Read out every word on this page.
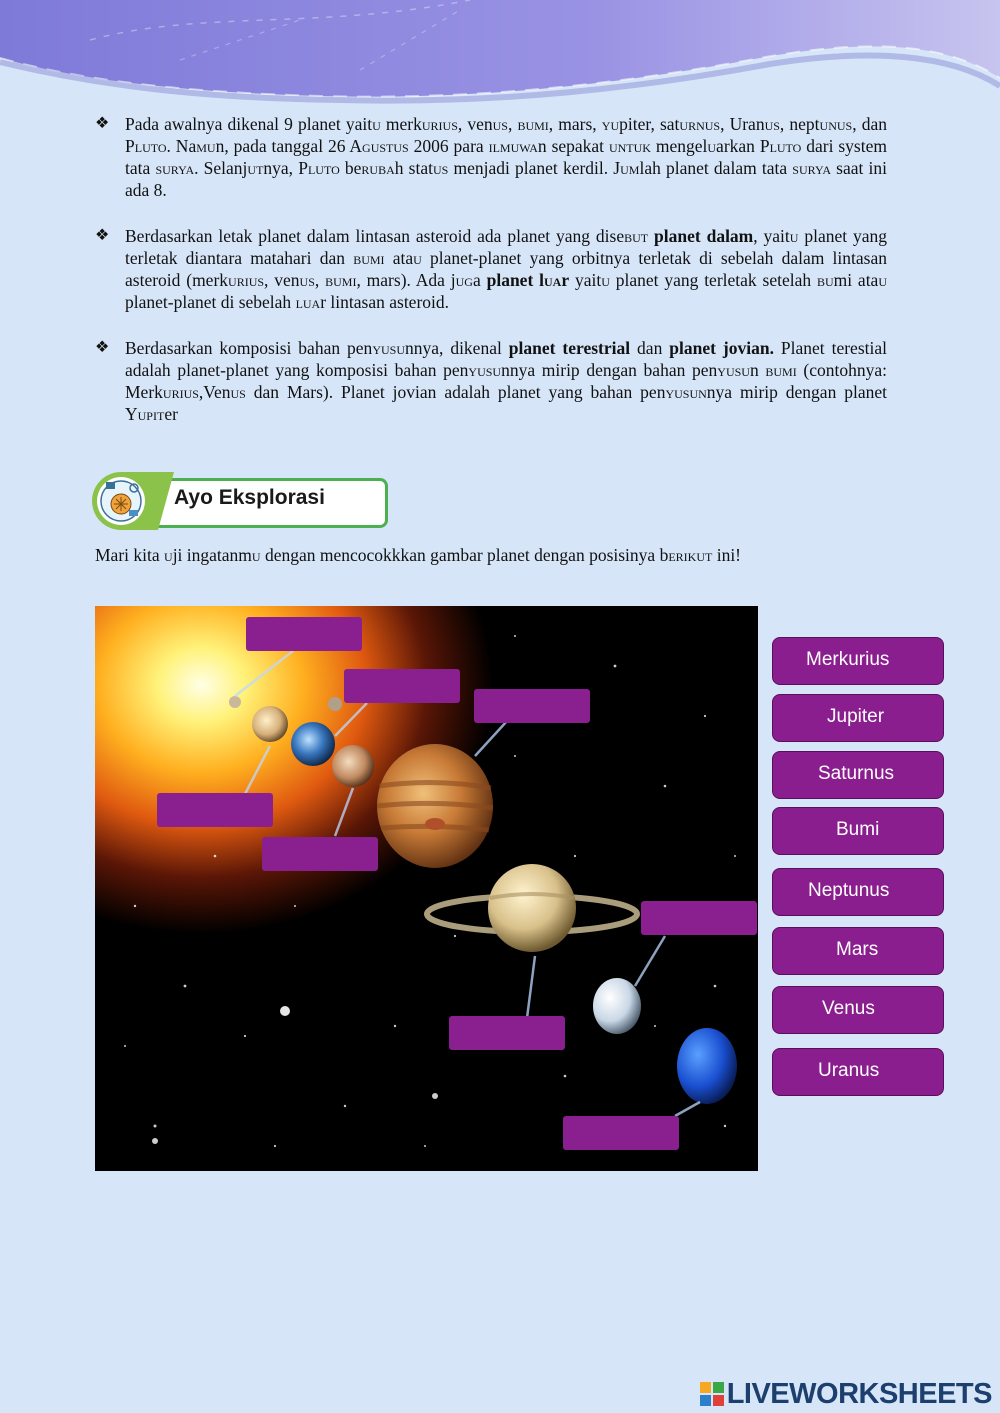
❖ Pada awalnya dikenal 9 planet yaitu merkurius, venus, bumi, mars, yupiter, saturnus, Uranus, neptunus, dan Pluto. Namun, pada tanggal 26 Agustus 2006 para ilmuwan sepakat untuk mengeluarkan Pluto dari system tata surya. Selanjutnya, Pluto berubah status menjadi planet kerdil. Jumlah planet dalam tata surya saat ini ada 8.
❖ Berdasarkan letak planet dalam lintasan asteroid ada planet yang disebut planet dalam, yaitu planet yang terletak diantara matahari dan bumi atau planet-planet yang orbitnya terletak di sebelah dalam lintasan asteroid (merkurius, venus, bumi, mars). Ada juga planet luar yaitu planet yang terletak setelah bumi atau planet-planet di sebelah luar lintasan asteroid.
❖ Berdasarkan komposisi bahan penyusunnya, dikenal planet terestrial dan planet jovian. Planet terestial adalah planet-planet yang komposisi bahan penyusunnya mirip dengan bahan penyusun bumi (contohnya: Merkurius,Venus dan Mars). Planet jovian adalah planet yang bahan penyusunnya mirip dengan planet Yupiter
Ayo Eksplorasi
Mari kita uji ingatanmu dengan mencocokkkan gambar planet dengan posisinya berikut ini!
Merkurius
Jupiter
Saturnus
Bumi
Neptunus
Mars
Venus
Uranus
LIVEWORKSHEETS
